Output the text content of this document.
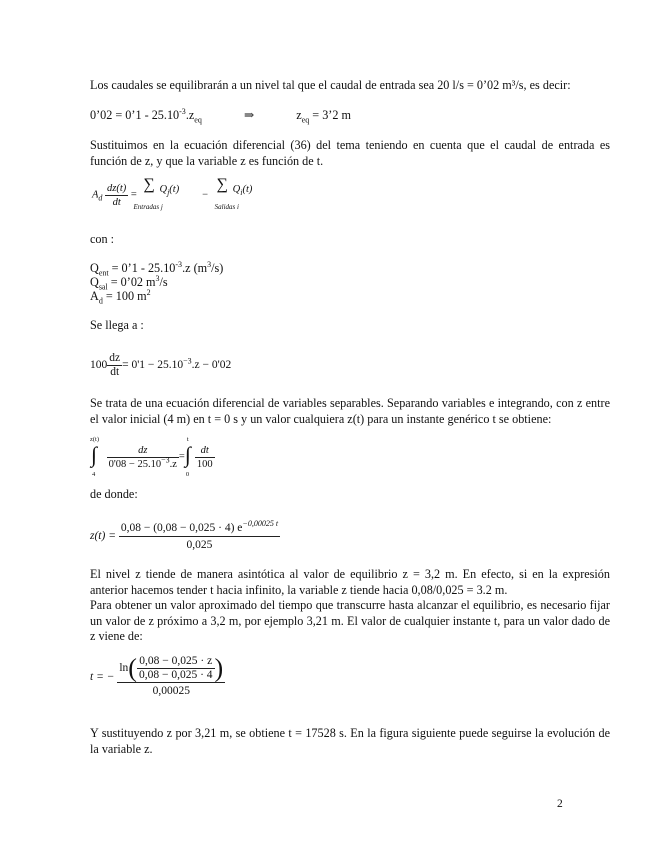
Los caudales se equilibrarán a un nivel tal que el caudal de entrada sea 20 l/s = 0’02 m³/s, es decir:

0’02 = 0’1 - $25.10^{-3}.z_{eq}$	⇒	$z_{eq}$ = 3’2 m

Sustituimos en la ecuación diferencial (36) del tema teniendo en cuenta que el caudal de entrada es función de z, y que la variable z es función de t.

$A_d \frac{dz(t)}{dt}$ =
∑ $Q_j(t)$
Entradas j
−
∑ $Q_i(t)$
Salidas i
con :
$Q_{ent}$ = 0’1 - $25.10^{-3}.z$ $(m^3/s)$
$Q_{sal}$ = 0’02 $m^3/s$
$A_d = 100$ $m^2$
Se llega a :
$100 \frac{dz}{dt} = 0'1 - 25.10^{-3}.z - 0'02$

Se trata de una ecuación diferencial de variables separables. Separando variables e integrando, con z entre el valor inicial (4 m) en t = 0 s y un valor cualquiera z(t) para un instante genérico t se obtiene:

z(t)
∫
4

$\frac{dz}{0'08 - 25.10^{-3}.z}$ =
t
∫
0
$\frac{dt}{100}$
de donde:
$z(t) = \frac{0,08 - (0,08 - 0,025 \cdot 4) e^{-0,00025 t}}{0,025}$

El nivel z tiende de manera asintótica al valor de equilibrio z = 3,2 m. En efecto, si en la expresión anterior hacemos tender t hacia infinito, la variable z tiende hacia 0,08/0,025 = 3.2 m.

Para obtener un valor aproximado del tiempo que transcurre hasta alcanzar el equilibrio, es necesario fijar un valor de z próximo a 3,2 m, por ejemplo 3,21 m. El valor de cualquier instante t, para un valor dado de z viene de:

t = − $\frac{\ln( \frac{0,08 - 0,025 \cdot z}{0,08 - 0,025 \cdot 4} )}{0,00025}$

Y sustituyendo z por 3,21 m, se obtiene t = 17528 s. En la figura siguiente puede seguirse la evolución de la variable z.

2
